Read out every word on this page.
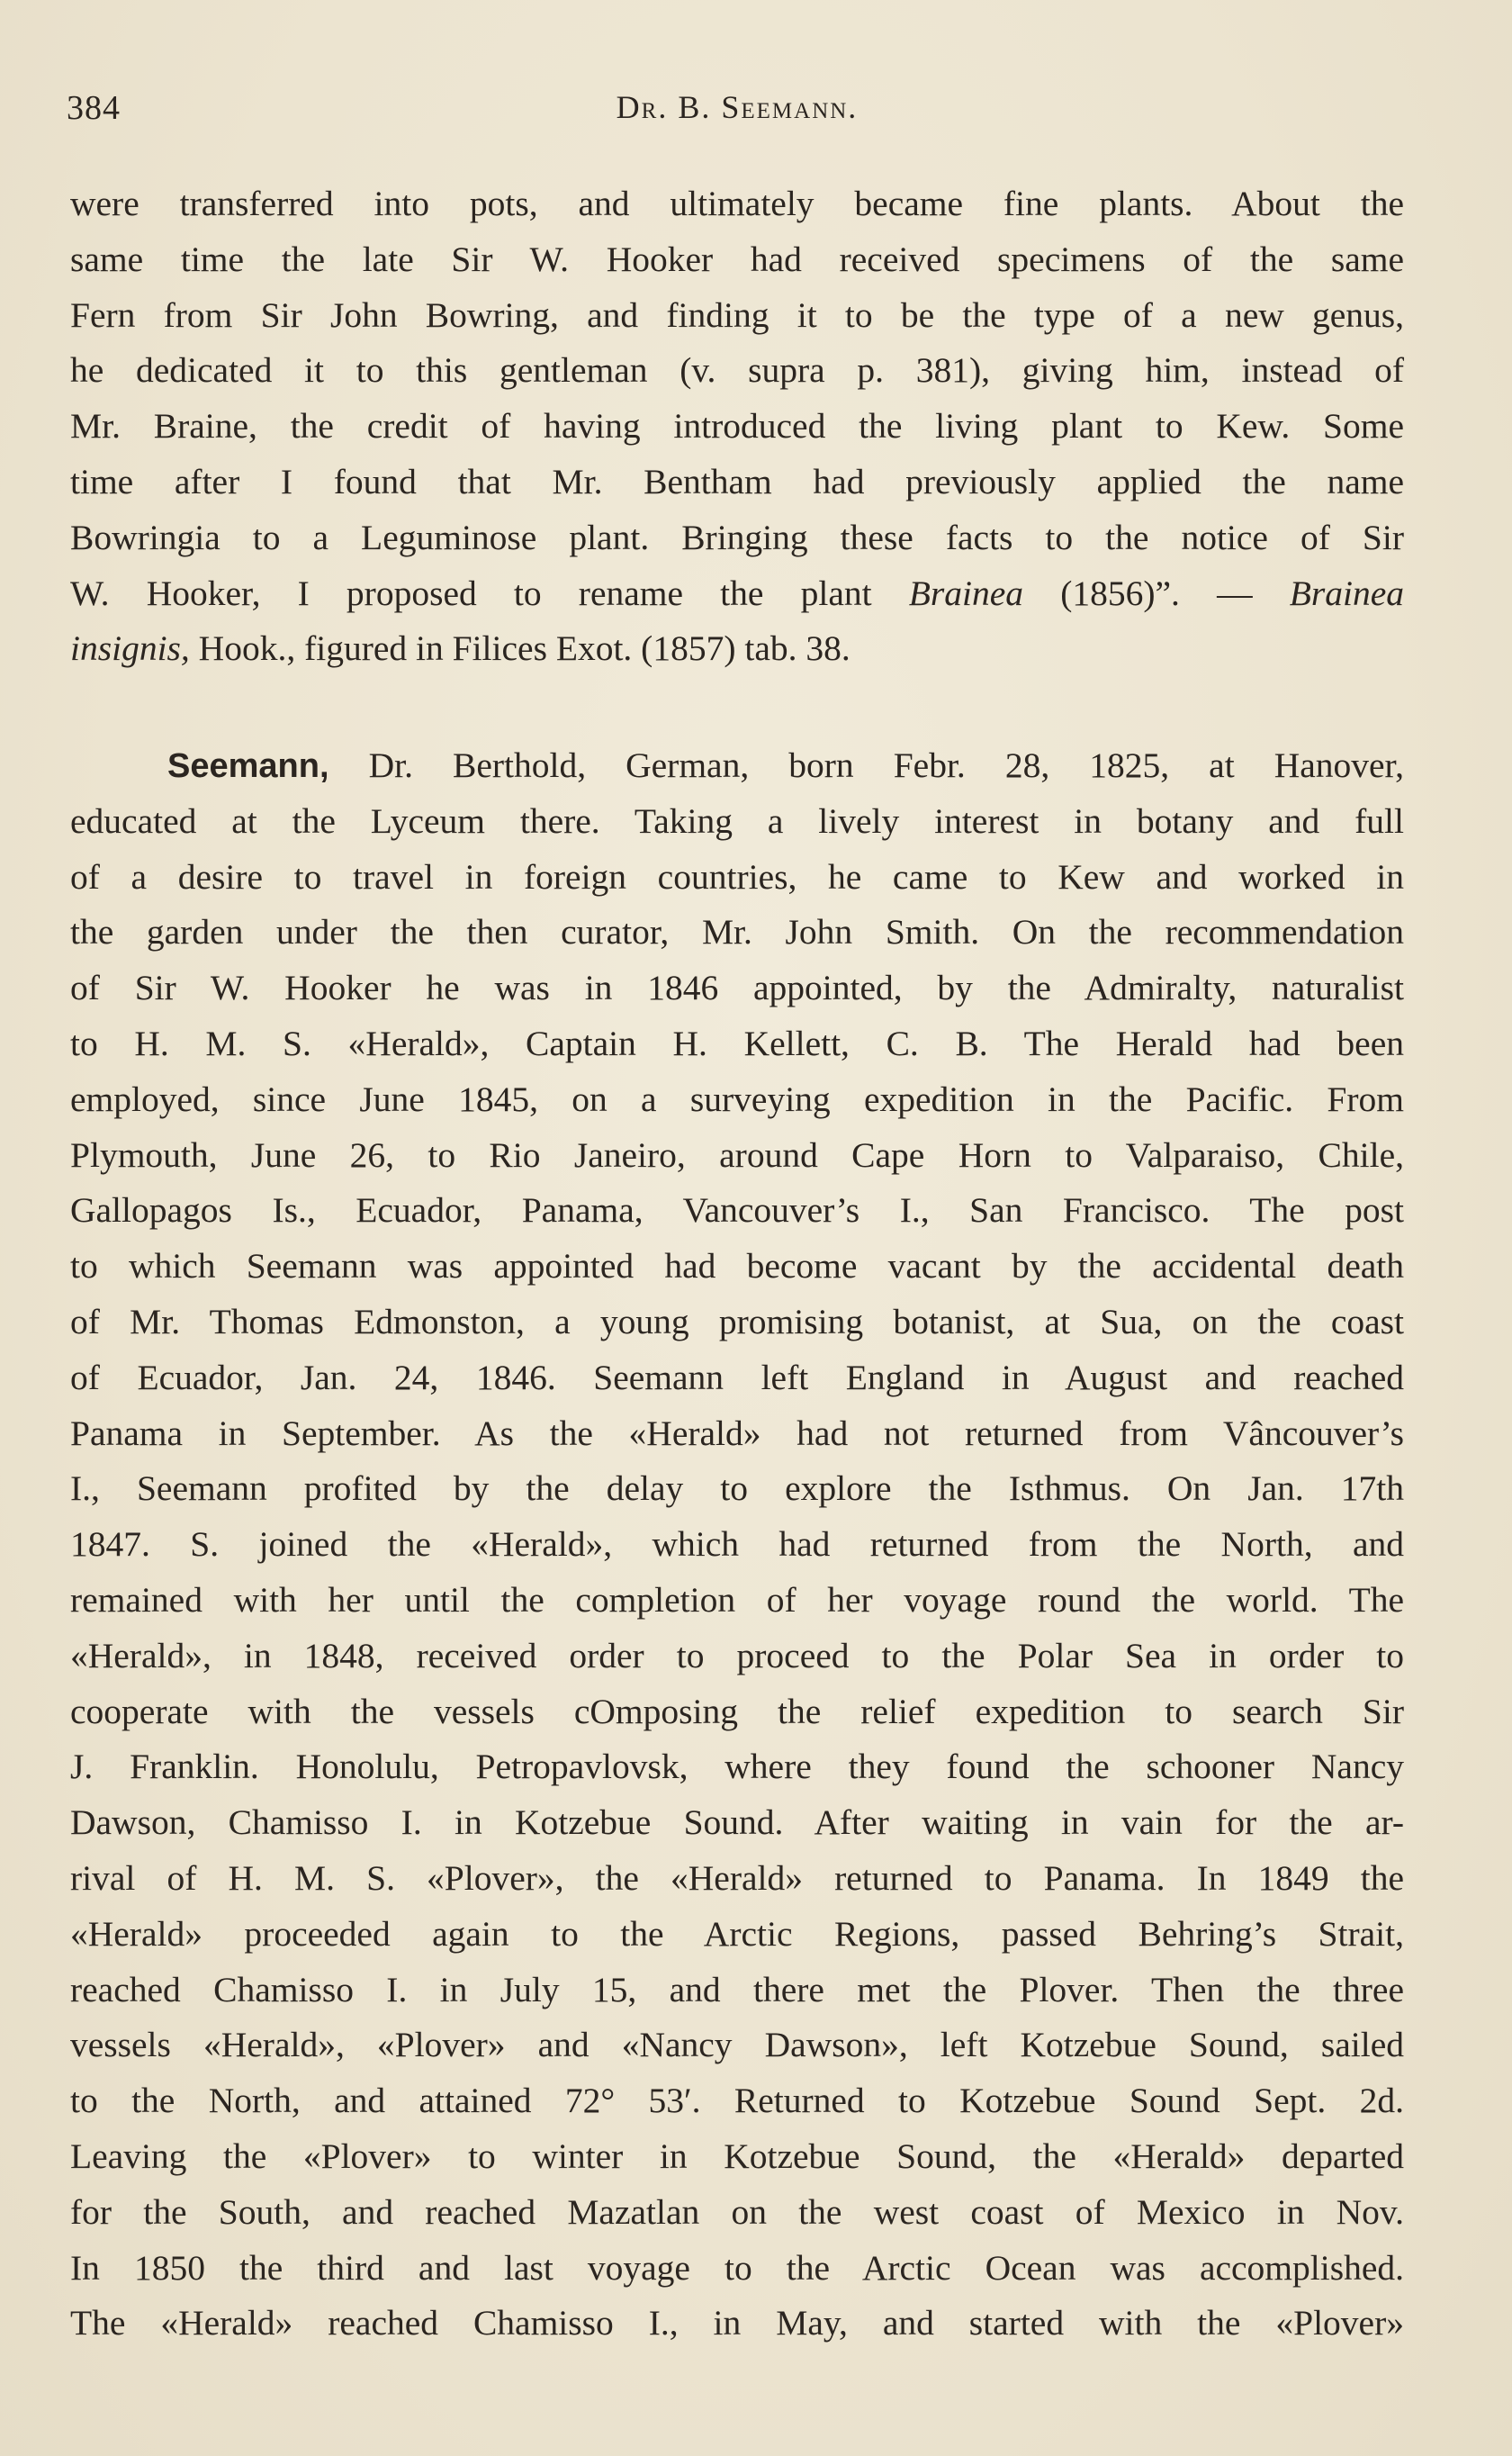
384	Dr. B. Seemann.
were transferred into pots, and ultimately became fine plants. About the
same time the late Sir W. Hooker had received specimens of the same
Fern from Sir John Bowring, and finding it to be the type of a new genus,
he dedicated it to this gentleman (v. supra p. 381), giving him, instead of
Mr. Braine, the credit of having introduced the living plant to Kew. Some
time after I found that Mr. Bentham had previously applied the name
Bowringia to a Leguminose plant. Bringing these facts to the notice of Sir
W. Hooker, I proposed to rename the plant Brainea (1856)”. — Brainea
insignis, Hook., figured in Filices Exot. (1857) tab. 38.
Seemann, Dr. Berthold, German, born Febr. 28, 1825, at Hanover,
educated at the Lyceum there. Taking a lively interest in botany and full
of a desire to travel in foreign countries, he came to Kew and worked in
the garden under the then curator, Mr. John Smith. On the recommendation
of Sir W. Hooker he was in 1846 appointed, by the Admiralty, naturalist
to H. M. S. «Herald», Captain H. Kellett, C. B. The Herald had been
employed, since June 1845, on a surveying expedition in the Pacific. From
Plymouth, June 26, to Rio Janeiro, around Cape Horn to Valparaiso, Chile,
Gallopagos Is., Ecuador, Panama, Vancouver’s I., San Francisco. The post
to which Seemann was appointed had become vacant by the accidental death
of Mr. Thomas Edmonston, a young promising botanist, at Sua, on the coast
of Ecuador, Jan. 24, 1846. Seemann left England in August and reached
Panama in September. As the «Herald» had not returned from Vâncouver’s
I., Seemann profited by the delay to explore the Isthmus. On Jan. 17th
1847. S. joined the «Herald», which had returned from the North, and
remained with her until the completion of her voyage round the world. The
«Herald», in 1848, received order to proceed to the Polar Sea in order to
cooperate with the vessels cOmposing the relief expedition to search Sir
J. Franklin. Honolulu, Petropavlovsk, where they found the schooner Nancy
Dawson, Chamisso I. in Kotzebue Sound. After waiting in vain for the ar-
rival of H. M. S. «Plover», the «Herald» returned to Panama. In 1849 the
«Herald» proceeded again to the Arctic Regions, passed Behring’s Strait,
reached Chamisso I. in July 15, and there met the Plover. Then the three
vessels «Herald», «Plover» and «Nancy Dawson», left Kotzebue Sound, sailed
to the North, and attained 72° 53′. Returned to Kotzebue Sound Sept. 2d.
Leaving the «Plover» to winter in Kotzebue Sound, the «Herald» departed
for the South, and reached Mazatlan on the west coast of Mexico in Nov.
In 1850 the third and last voyage to the Arctic Ocean was accomplished.
The «Herald» reached Chamisso I., in May, and started with the «Plover»
